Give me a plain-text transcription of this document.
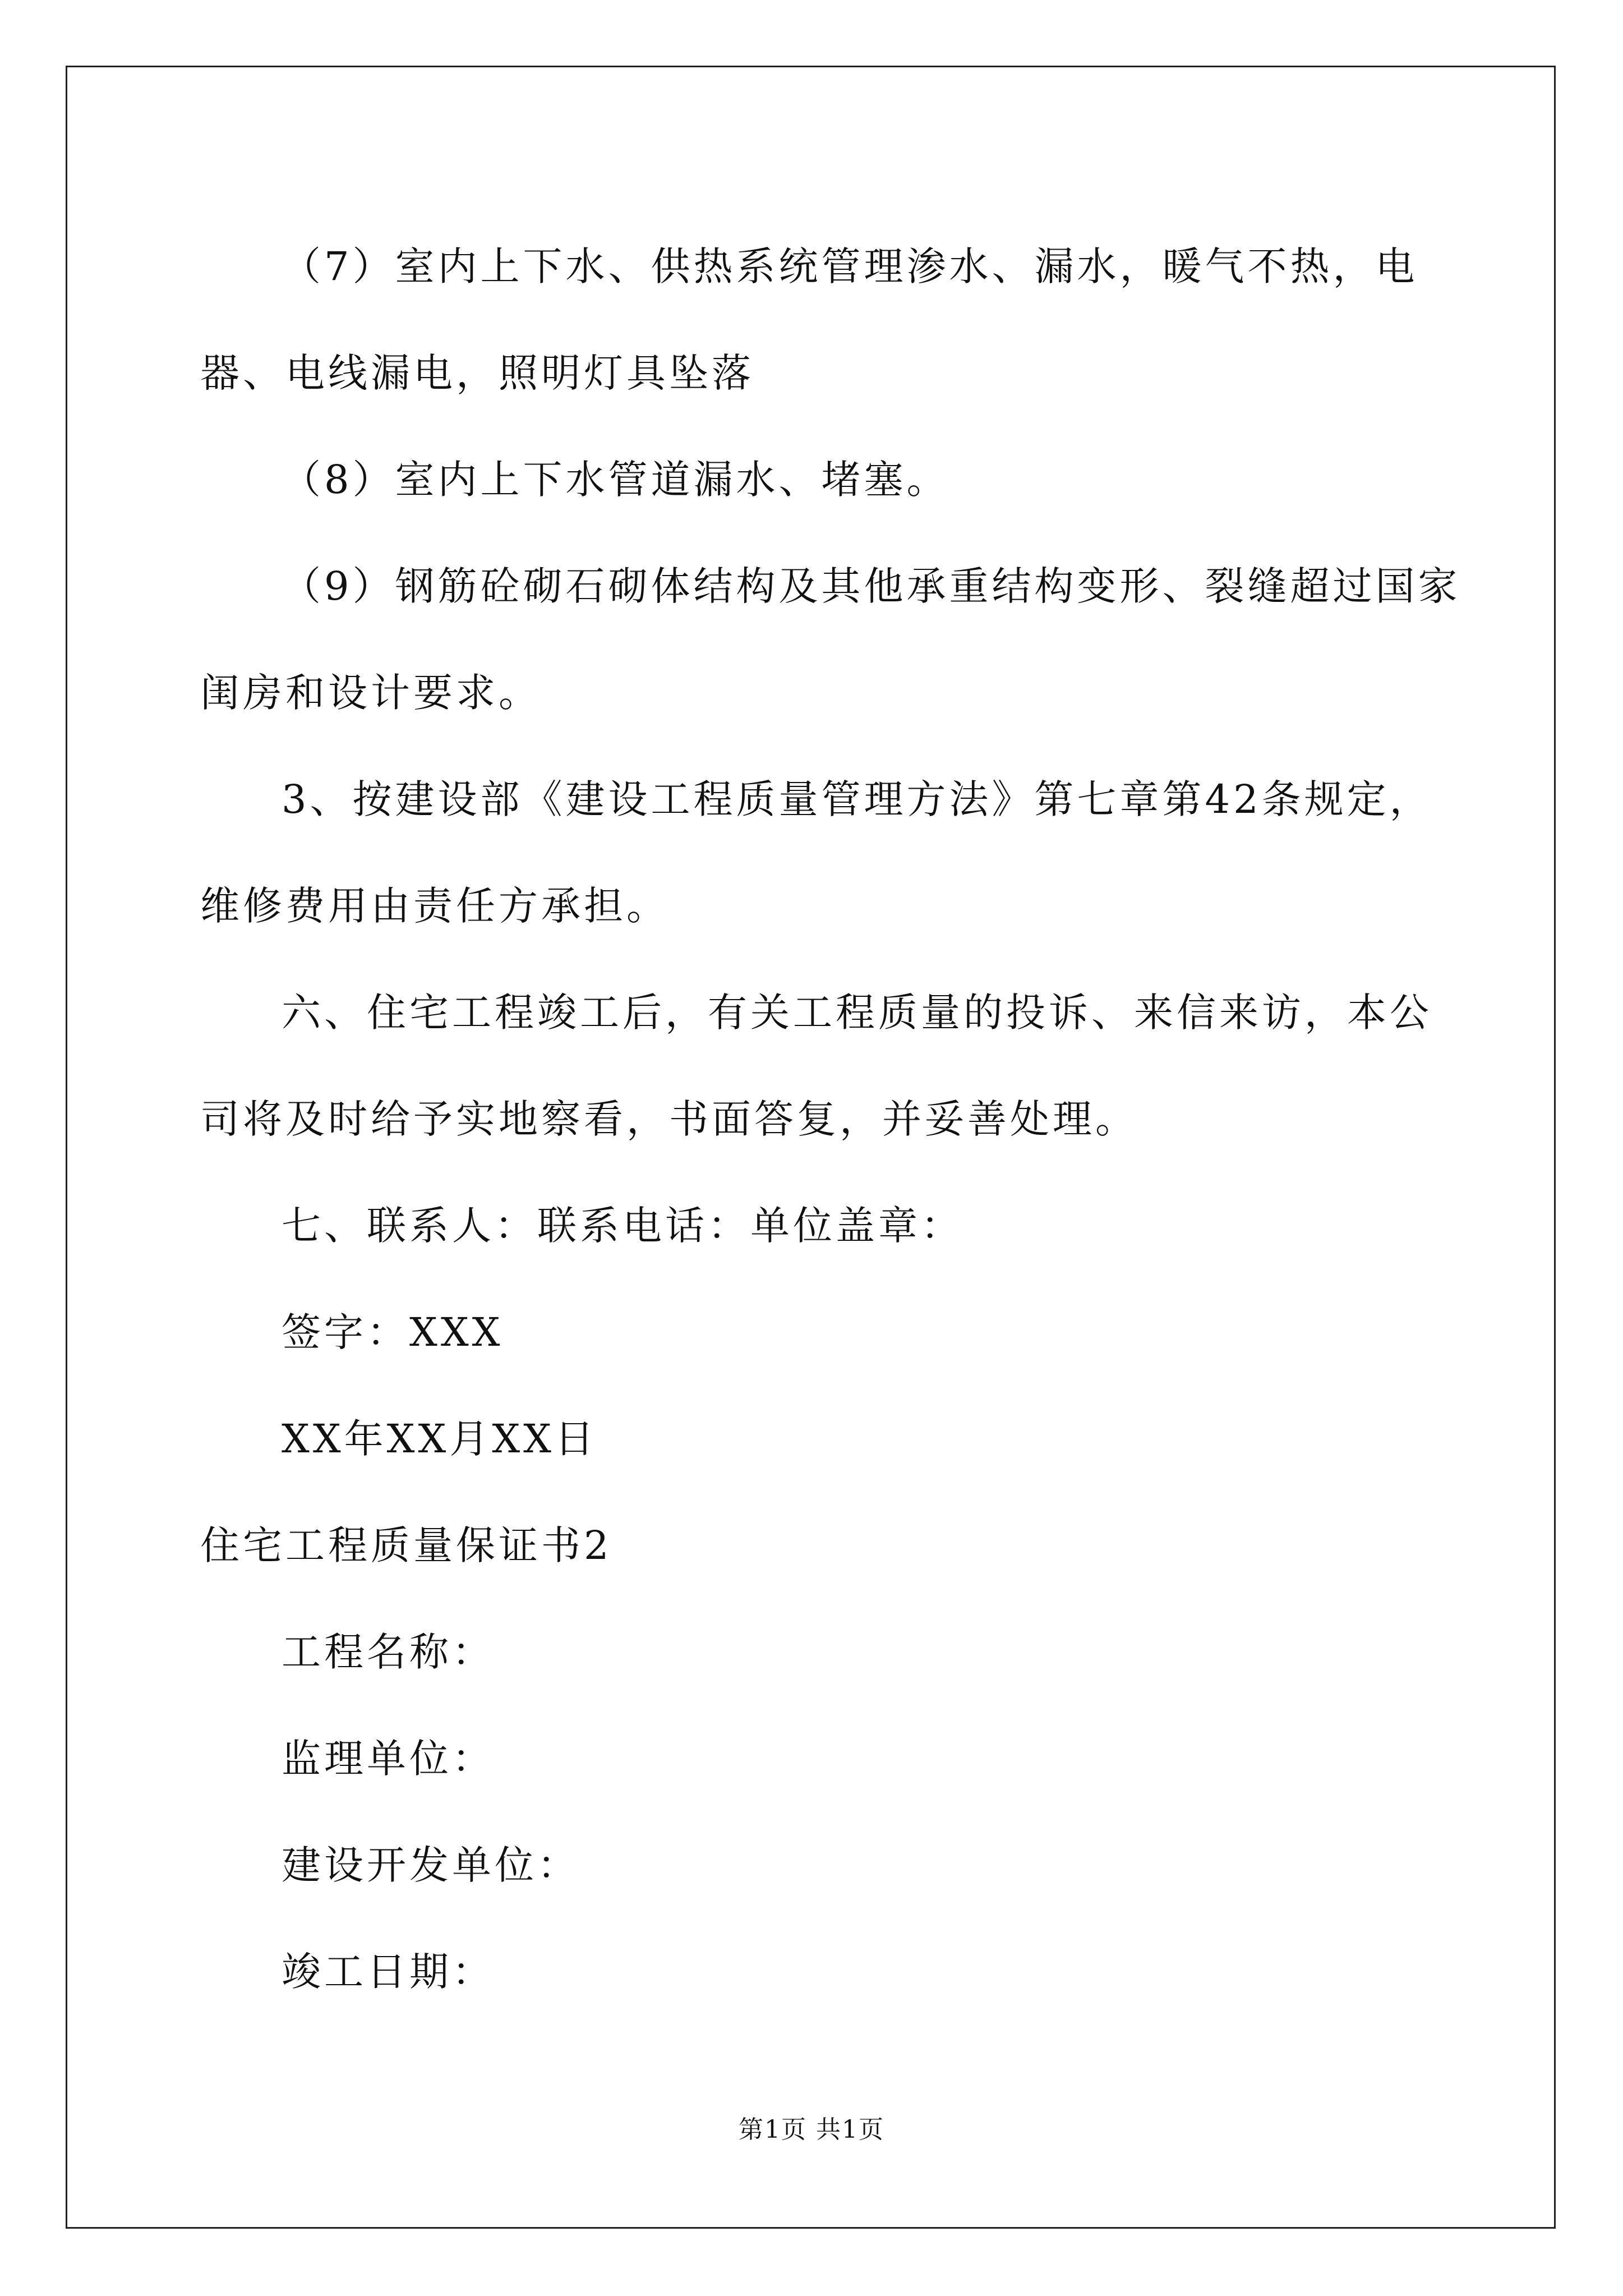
（7）室内上下水、供热系统管理渗水、漏水，暖气不热，电器、电线漏电，照明灯具坠落

（8）室内上下水管道漏水、堵塞。

（9）钢筋砼砌石砌体结构及其他承重结构变形、裂缝超过国家闺房和设计要求。

3、按建设部《建设工程质量管理方法》第七章第42条规定，维修费用由责任方承担。

六、住宅工程竣工后，有关工程质量的投诉、来信来访，本公司将及时给予实地察看，书面答复，并妥善处理。

七、联系人：联系电话：单位盖章：

签字：XXX

XX年XX月XX日

住宅工程质量保证书2

工程名称：

监理单位：

建设开发单位：

竣工日期：

第1页 共1页
